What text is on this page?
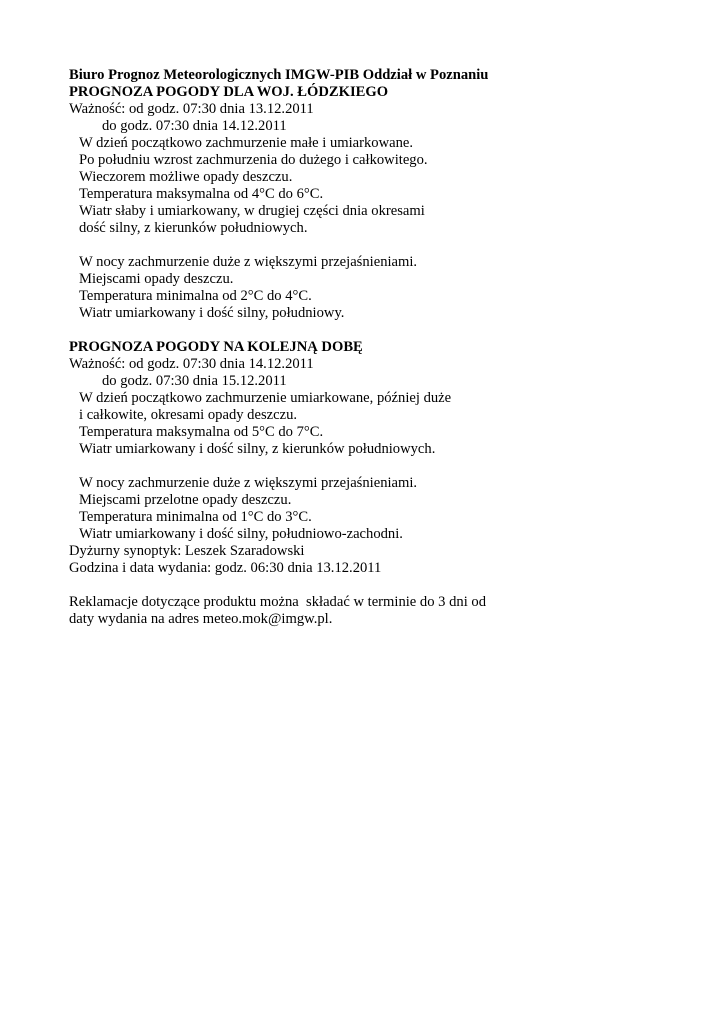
Biuro Prognoz Meteorologicznych IMGW-PIB Oddział w Poznaniu
PROGNOZA POGODY DLA WOJ. ŁÓDZKIEGO
Ważność: od godz. 07:30 dnia 13.12.2011
do godz. 07:30 dnia 14.12.2011
W dzień początkowo zachmurzenie małe i umiarkowane.
Po południu wzrost zachmurzenia do dużego i całkowitego.
Wieczorem możliwe opady deszczu.
Temperatura maksymalna od 4°C do 6°C.
Wiatr słaby i umiarkowany, w drugiej części dnia okresami
dość silny, z kierunków południowych.
W nocy zachmurzenie duże z większymi przejaśnieniami.
Miejscami opady deszczu.
Temperatura minimalna od 2°C do 4°C.
Wiatr umiarkowany i dość silny, południowy.
PROGNOZA POGODY NA KOLEJNĄ DOBĘ
Ważność: od godz. 07:30 dnia 14.12.2011
do godz. 07:30 dnia 15.12.2011
W dzień początkowo zachmurzenie umiarkowane, później duże
i całkowite, okresami opady deszczu.
Temperatura maksymalna od 5°C do 7°C.
Wiatr umiarkowany i dość silny, z kierunków południowych.
W nocy zachmurzenie duże z większymi przejaśnieniami.
Miejscami przelotne opady deszczu.
Temperatura minimalna od 1°C do 3°C.
Wiatr umiarkowany i dość silny, południowo-zachodni.
Dyżurny synoptyk: Leszek Szaradowski
Godzina i data wydania: godz. 06:30 dnia 13.12.2011
Reklamacje dotyczące produktu można  składać w terminie do 3 dni od
daty wydania na adres meteo.mok@imgw.pl.
